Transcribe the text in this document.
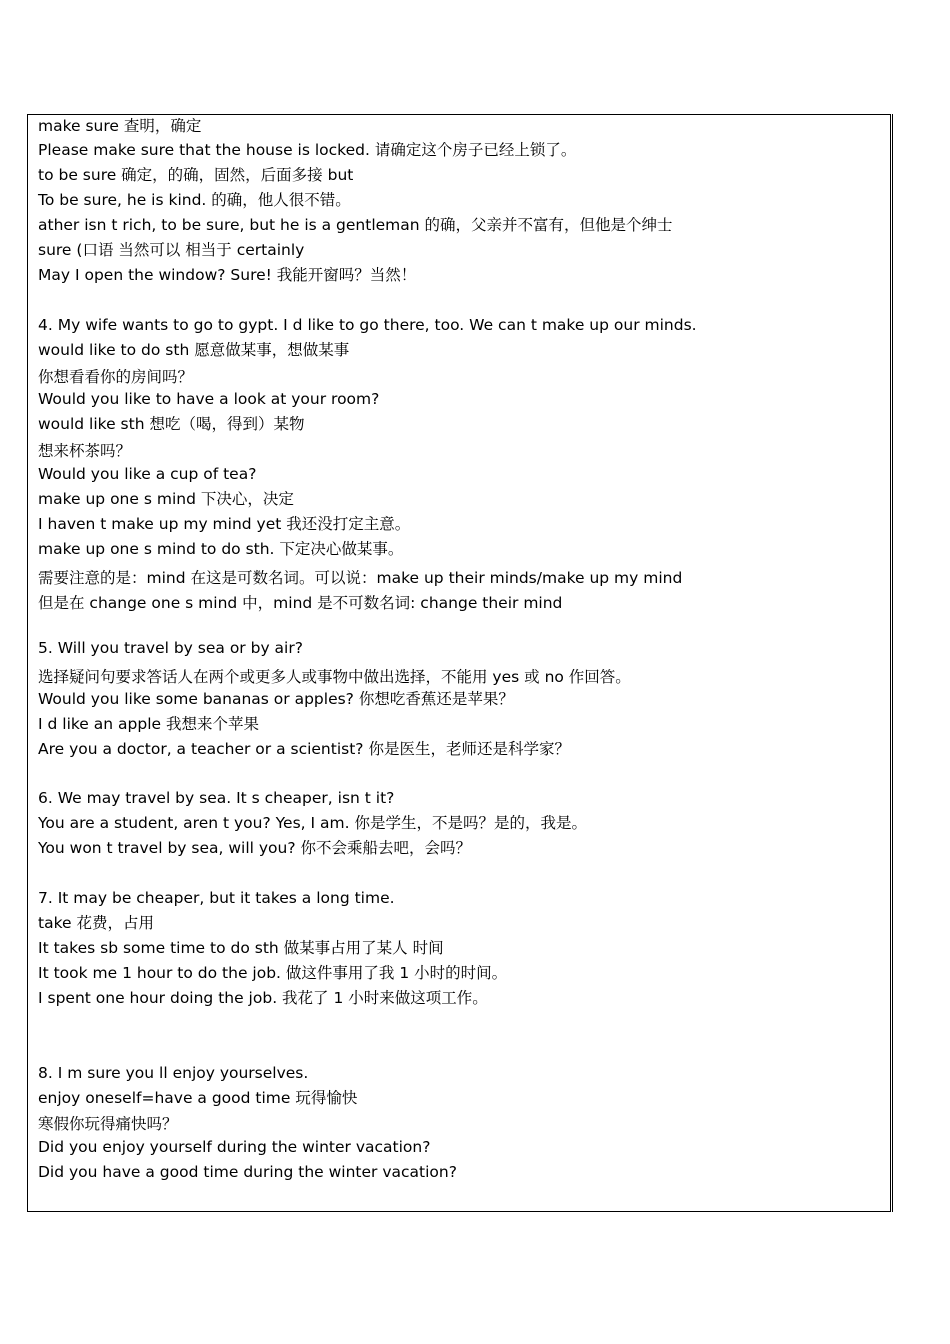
make sure 查明，确定
Please make sure that the house is locked. 请确定这个房子已经上锁了。
to be sure 确定，的确，固然，后面多接 but
To be sure, he is kind. 的确，他人很不错。
ather isn t rich, to be sure, but he is a gentleman 的确，父亲并不富有，但他是个绅士
sure (口语 当然可以 相当于 certainly
May I open the window? Sure! 我能开窗吗？当然！
4. My wife wants to go to gypt. I d like to go there, too. We can t make up our minds.
would like to do sth 愿意做某事，想做某事
你想看看你的房间吗？
Would you like to have a look at your room?
would like sth 想吃（喝，得到）某物
想来杯茶吗？
Would you like a cup of tea?
make up one s mind 下决心，决定
I haven t make up my mind yet 我还没打定主意。
make up one s mind to do sth. 下定决心做某事。
需要注意的是：mind 在这是可数名词。可以说：make up their minds/make up my mind
但是在 change one s mind 中，mind 是不可数名词: change their mind
5. Will you travel by sea or by air?
选择疑问句要求答话人在两个或更多人或事物中做出选择，不能用 yes 或 no 作回答。
Would you like some bananas or apples? 你想吃香蕉还是苹果？
I d like an apple 我想来个苹果
Are you a doctor, a teacher or a scientist? 你是医生，老师还是科学家？
6. We may travel by sea. It s cheaper, isn t it?
You are a student, aren t you? Yes, I am. 你是学生，不是吗？是的，我是。
You won t travel by sea, will you? 你不会乘船去吧，会吗？
7. It may be cheaper, but it takes a long time.
take 花费，占用
It takes sb some time to do sth 做某事占用了某人 时间
It took me 1 hour to do the job. 做这件事用了我 1 小时的时间。
I spent one hour doing the job. 我花了 1 小时来做这项工作。
8. I m sure you ll enjoy yourselves.
enjoy oneself=have a good time 玩得愉快
寒假你玩得痛快吗？
Did you enjoy yourself during the winter vacation?
Did you have a good time during the winter vacation?
